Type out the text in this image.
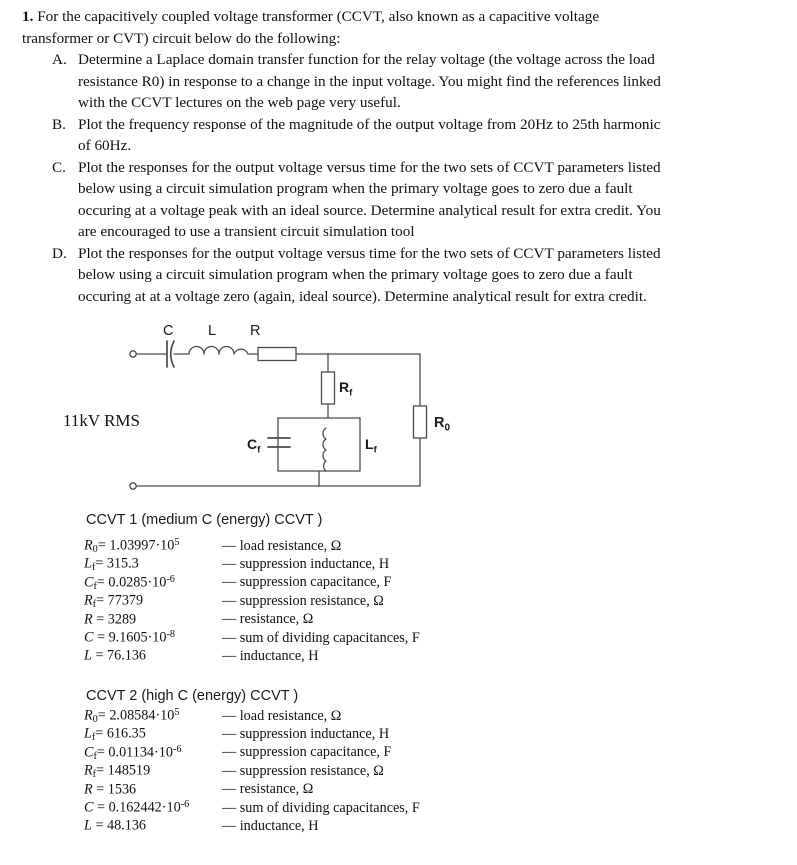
1. For the capacitively coupled voltage transformer (CCVT, also known as a capacitive voltage
transformer or CVT) circuit below do the following:
A. Determine a Laplace domain transfer function for the relay voltage (the voltage across the load
resistance R0) in response to a change in the input voltage. You might find the references linked
with the CCVT lectures on the web page very useful.
B. Plot the frequency response of the magnitude of the output voltage from 20Hz to 25th harmonic
of 60Hz.
C. Plot the responses for the output voltage versus time for the two sets of CCVT parameters listed
below using a circuit simulation program when the primary voltage goes to zero due a fault
occuring at a voltage peak with an ideal source. Determine analytical result for extra credit. You
are encouraged to use a transient circuit simulation tool
D. Plot the responses for the output voltage versus time for the two sets of CCVT parameters listed
below using a circuit simulation program when the primary voltage goes to zero due a fault
occuring at at a voltage zero (again, ideal source). Determine analytical result for extra credit.
C L R
$R_f$
$C_f$	$L_f$
$R_0$
11kV RMS
CCVT 1 (medium C (energy) CCVT )
$R_0= 1.03997\cdot 10^5$	— load resistance, Ω
$L_f= 315.3$	— suppression inductance, H
$C_f= 0.0285\cdot 10^{-6}$	— suppression capacitance, F
$R_f= 77379$	— suppression resistance, Ω
R = 3289	— resistance, Ω
$C = 9.1605\cdot 10^{-8}$	— sum of dividing capacitances, F
L = 76.136	— inductance, H
CCVT 2 (high C (energy) CCVT )
$R_0= 2.08584\cdot 10^5$	— load resistance, Ω
$L_f= 616.35$	— suppression inductance, H
$C_f= 0.01134\cdot 10^{-6}$	— suppression capacitance, F
$R_f= 148519$	— suppression resistance, Ω
R = 1536	— resistance, Ω
$C = 0.162442\cdot 10^{-6}$	— sum of dividing capacitances, F
L = 48.136	— inductance, H
